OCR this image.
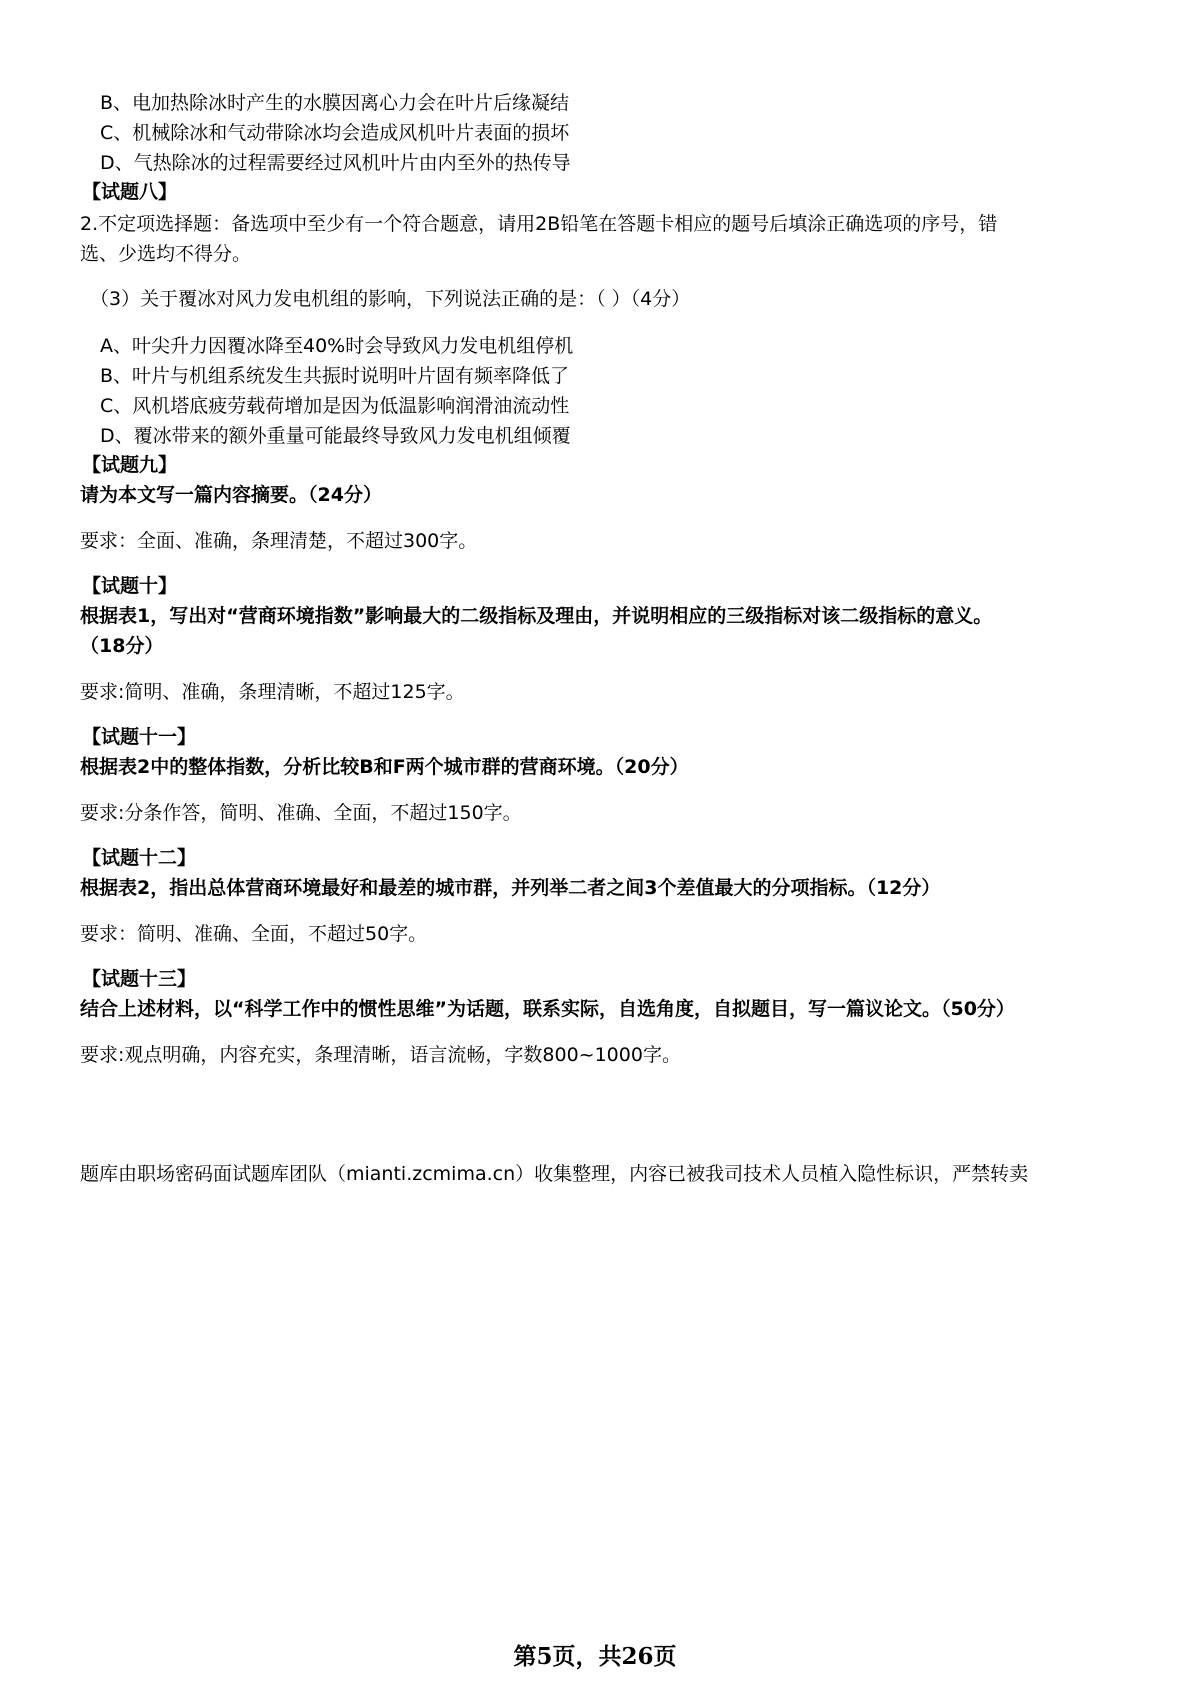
B、电加热除冰时产生的水膜因离心力会在叶片后缘凝结
C、机械除冰和气动带除冰均会造成风机叶片表面的损坏
D、气热除冰的过程需要经过风机叶片由内至外的热传导
【试题八】
2.不定项选择题：备选项中至少有一个符合题意，请用2B铅笔在答题卡相应的题号后填涂正确选项的序号，错
选、少选均不得分。
（3）关于覆冰对风力发电机组的影响，下列说法正确的是：（ ）（4分）
A、叶尖升力因覆冰降至40%时会导致风力发电机组停机
B、叶片与机组系统发生共振时说明叶片固有频率降低了
C、风机塔底疲劳载荷增加是因为低温影响润滑油流动性
D、覆冰带来的额外重量可能最终导致风力发电机组倾覆
【试题九】
请为本文写一篇内容摘要。（24分）
要求：全面、准确，条理清楚，不超过300字。
【试题十】
根据表1，写出对“营商环境指数”影响最大的二级指标及理由，并说明相应的三级指标对该二级指标的意义。
（18分）
要求:简明、准确，条理清晰，不超过125字。
【试题十一】
根据表2中的整体指数，分析比较B和F两个城市群的营商环境。（20分）
要求:分条作答，简明、准确、全面，不超过150字。
【试题十二】
根据表2，指出总体营商环境最好和最差的城市群，并列举二者之间3个差值最大的分项指标。（12分）
要求：简明、准确、全面，不超过50字。
【试题十三】
结合上述材料，以“科学工作中的惯性思维”为话题，联系实际，自选角度，自拟题目，写一篇议论文。（50分）
要求:观点明确，内容充实，条理清晰，语言流畅，字数800~1000字。
题库由职场密码面试题库团队（mianti.zcmima.cn）收集整理，内容已被我司技术人员植入隐性标识，严禁转卖
第5页，共26页
